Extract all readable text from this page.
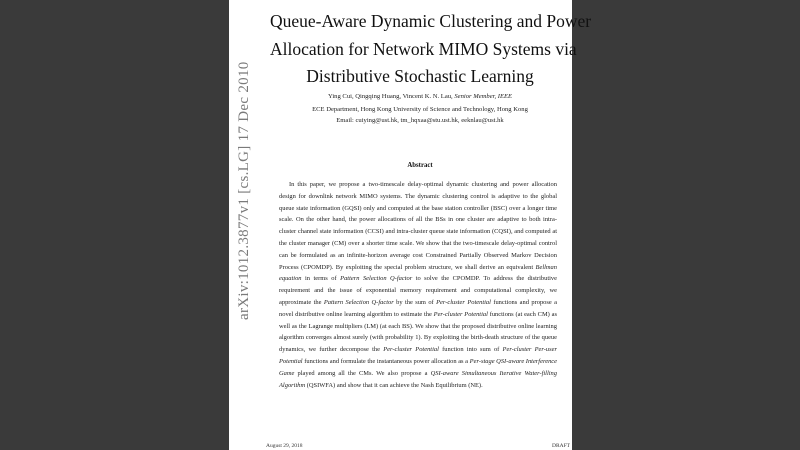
arXiv:1012.3877v1 [cs.LG] 17 Dec 2010
Queue-Aware Dynamic Clustering and Power
Allocation for Network MIMO Systems via
Distributive Stochastic Learning
Ying Cui, Qingqing Huang, Vincent K. N. Lau, Senior Member, IEEE
ECE Department, Hong Kong University of Science and Technology, Hong Kong
Email: cuiying@ust.hk, tm_hqxaa@stu.ust.hk, eeknlau@ust.hk
Abstract
In this paper, we propose a two-timescale delay-optimal dynamic clustering and power allocation design for downlink network MIMO systems. The dynamic clustering control is adaptive to the global queue state information (GQSI) only and computed at the base station controller (BSC) over a longer time scale. On the other hand, the power allocations of all the BSs in one cluster are adaptive to both intra-cluster channel state information (CCSI) and intra-cluster queue state information (CQSI), and computed at the cluster manager (CM) over a shorter time scale. We show that the two-timescale delay-optimal control can be formulated as an infinite-horizon average cost Constrained Partially Observed Markov Decision Process (CPOMDP). By exploiting the special problem structure, we shall derive an equivalent Bellman equation in terms of Pattern Selection Q-factor to solve the CPOMDP. To address the distributive requirement and the issue of exponential memory requirement and computational complexity, we approximate the Pattern Selection Q-factor by the sum of Per-cluster Potential functions and propose a novel distributive online learning algorithm to estimate the Per-cluster Potential functions (at each CM) as well as the Lagrange multipliers (LM) (at each BS). We show that the proposed distributive online learning algorithm converges almost surely (with probability 1). By exploiting the birth-death structure of the queue dynamics, we further decompose the Per-cluster Potential function into sum of Per-cluster Per-user Potential functions and formulate the instantaneous power allocation as a Per-stage QSI-aware Interference Game played among all the CMs. We also propose a QSI-aware Simultaneous Iterative Water-filling Algorithm (QSIWFA) and show that it can achieve the Nash Equilibrium (NE).
August 29, 2018	DRAFT
